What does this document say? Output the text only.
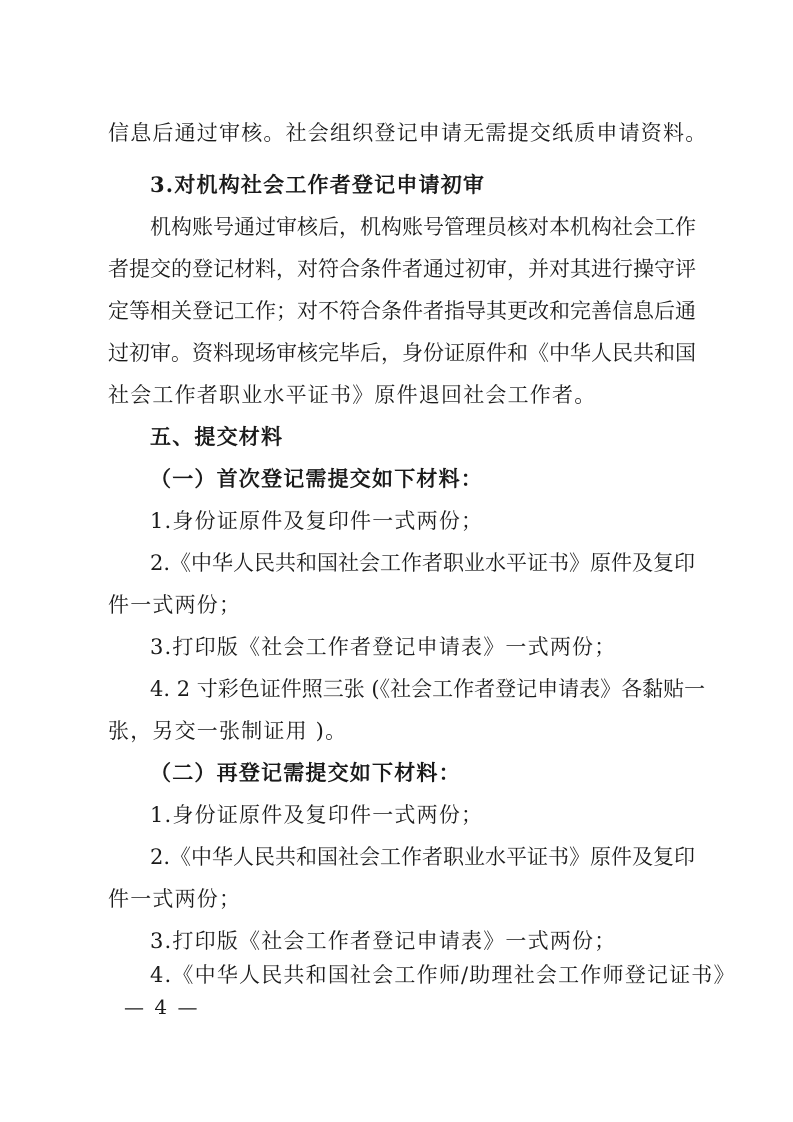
信息后通过审核。社会组织登记申请无需提交纸质申请资料。
3.对机构社会工作者登记申请初审
机构账号通过审核后，机构账号管理员核对本机构社会工作
者提交的登记材料，对符合条件者通过初审，并对其进行操守评
定等相关登记工作；对不符合条件者指导其更改和完善信息后通
过初审。资料现场审核完毕后，身份证原件和《中华人民共和国
社会工作者职业水平证书》原件退回社会工作者。
五、提交材料
（一）首次登记需提交如下材料：
1.身份证原件及复印件一式两份；
2.《中华人民共和国社会工作者职业水平证书》原件及复印
件一式两份；
3.打印版《社会工作者登记申请表》一式两份；
4. 2 寸彩色证件照三张 (《社会工作者登记申请表》各黏贴一
张，另交一张制证用 )。
（二）再登记需提交如下材料：
1.身份证原件及复印件一式两份；
2.《中华人民共和国社会工作者职业水平证书》原件及复印
件一式两份；
3.打印版《社会工作者登记申请表》一式两份；
4.《中华人民共和国社会工作师/助理社会工作师登记证书》
— 4 —
